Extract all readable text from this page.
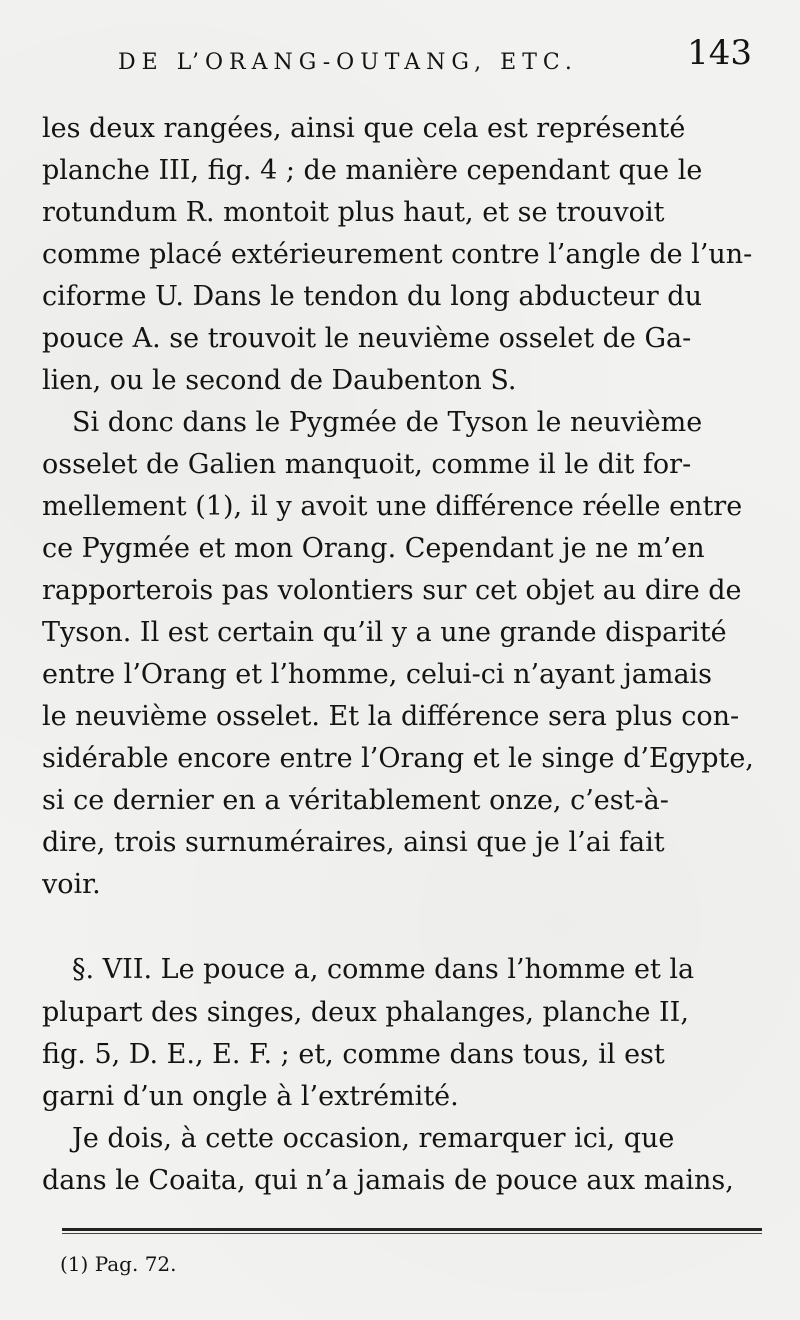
DE L’ORANG-OUTANG, ETC.	143
les deux rangées, ainsi que cela est représenté
planche III, fig. 4 ; de manière cependant que le
rotundum R. montoit plus haut, et se trouvoit
comme placé extérieurement contre l’angle de l’un-
ciforme U. Dans le tendon du long abducteur du
pouce A. se trouvoit le neuvième osselet de Ga-
lien, ou le second de Daubenton S.
Si donc dans le Pygmée de Tyson le neuvième
osselet de Galien manquoit, comme il le dit for-
mellement (1), il y avoit une différence réelle entre
ce Pygmée et mon Orang. Cependant je ne m’en
rapporterois pas volontiers sur cet objet au dire de
Tyson. Il est certain qu’il y a une grande disparité
entre l’Orang et l’homme, celui-ci n’ayant jamais
le neuvième osselet. Et la différence sera plus con-
sidérable encore entre l’Orang et le singe d’Egypte,
si ce dernier en a véritablement onze, c’est-à-
dire, trois surnuméraires, ainsi que je l’ai fait
voir.
§. VII. Le pouce a, comme dans l’homme et la
plupart des singes, deux phalanges, planche II,
fig. 5, D. E., E. F. ; et, comme dans tous, il est
garni d’un ongle à l’extrémité.
Je dois, à cette occasion, remarquer ici, que
dans le Coaita, qui n’a jamais de pouce aux mains,
(1) Pag. 72.
